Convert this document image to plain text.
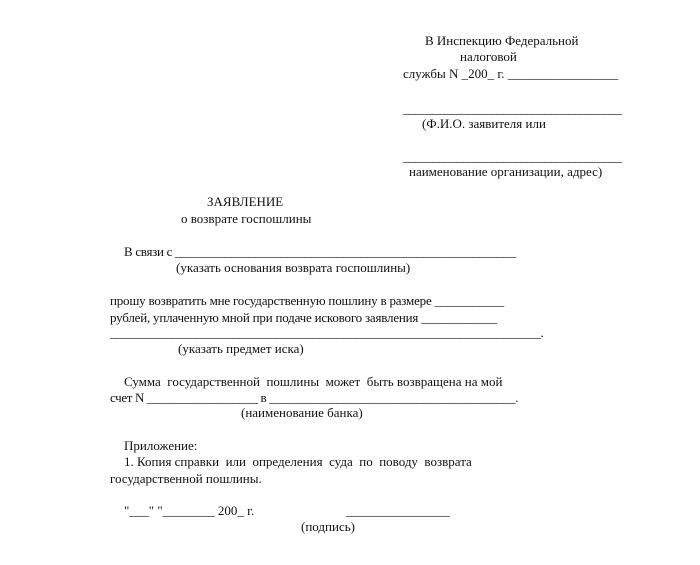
В Инспекцию Федеральной
налоговой
службы N _200_ г. _________________
_____________________________________
(Ф.И.О. заявителя или
_____________________________________
наименование организации, адрес)
ЗАЯВЛЕНИЕ
о возврате госпошлины
В связи с _______________________________________________________
(указать основания возврата госпошлины)
прошу возвратить мне государственную пошлину в размере ___________
рублей, уплаченную мной при подаче искового заявления ____________
______________________________________________________________________.
(указать предмет иска)
Сумма  государственной  пошлины  может  быть возвращена на мой
счет N __________________ в ________________________________________.
(наименование банка)
Приложение:
1. Копия справки  или  определения  суда  по  поводу  возврата
государственной пошлины.
"___" "________ 200_ г.	________________
(подпись)
